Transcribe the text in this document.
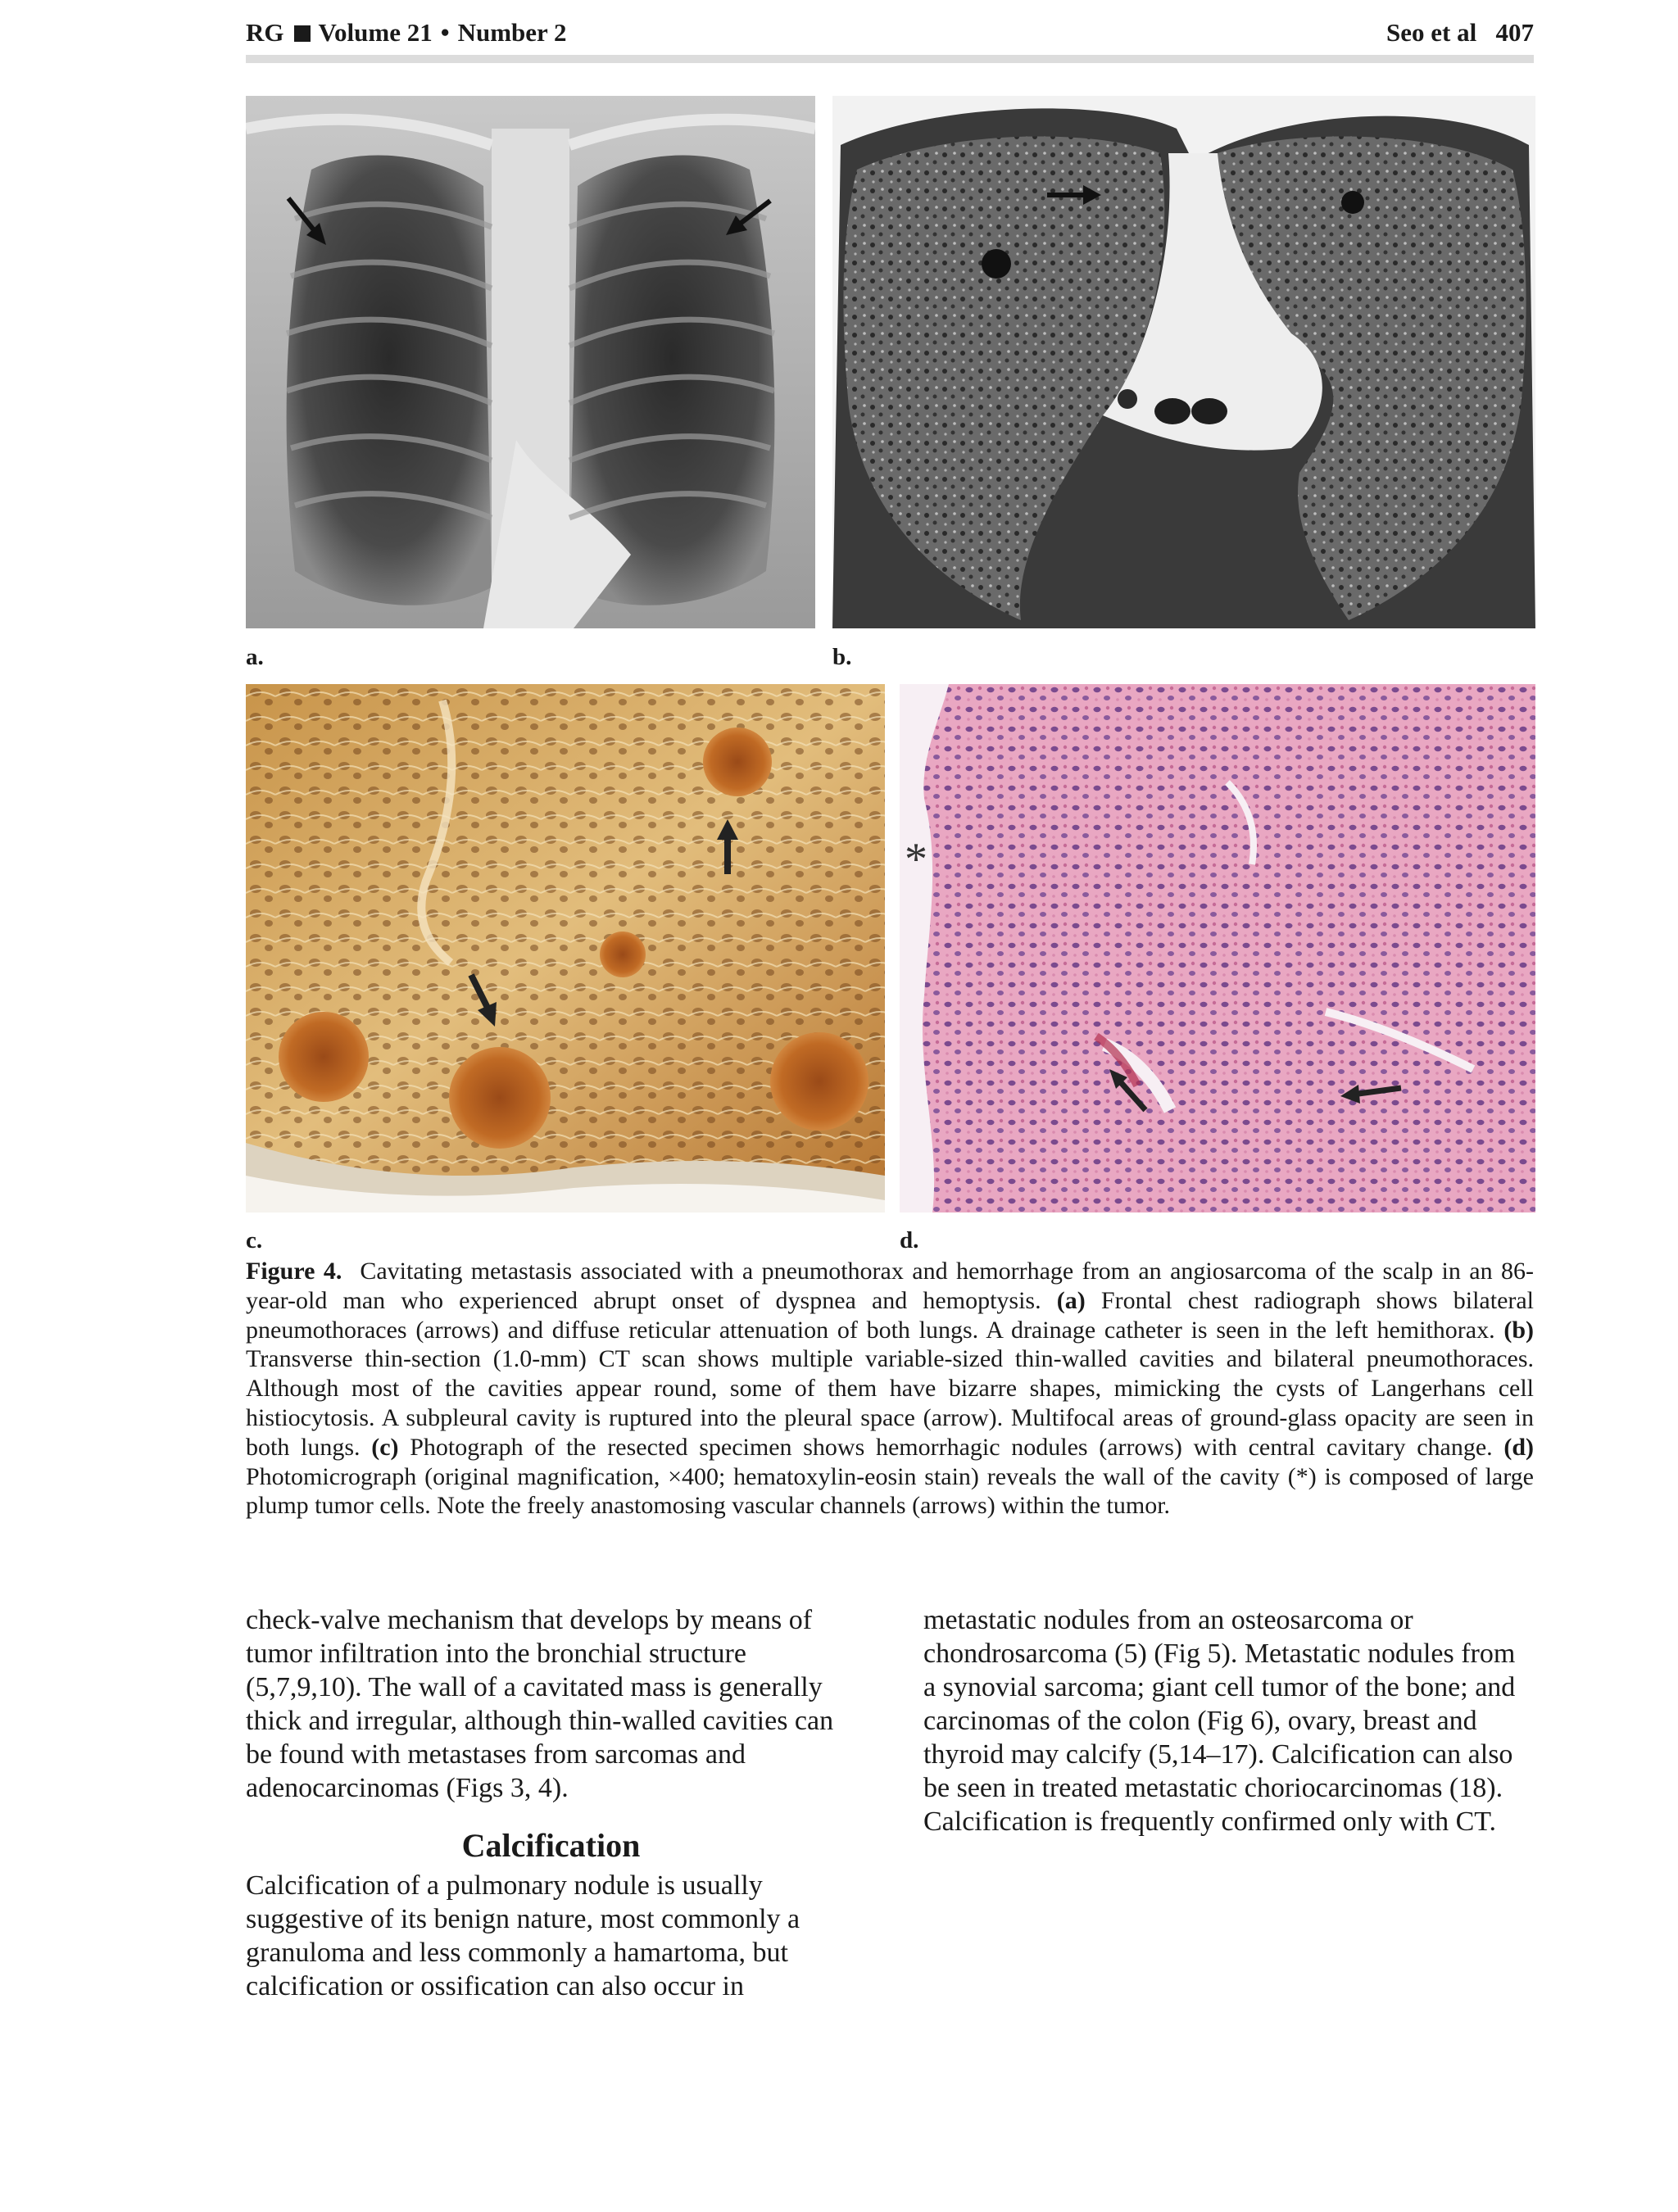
RG Volume 21 • Number 2	Seo et al 407
*
a.	b.
c.	d.
Figure 4. Cavitating metastasis associated with a pneumothorax and hemorrhage from an angiosarcoma of the scalp in an 86-year-old man who experienced abrupt onset of dyspnea and hemoptysis. (a) Frontal chest radiograph shows bilateral pneumothoraces (arrows) and diffuse reticular attenuation of both lungs. A drainage catheter is seen in the left hemithorax. (b) Transverse thin-section (1.0-mm) CT scan shows multiple variable-sized thin-walled cavities and bilateral pneumothoraces. Although most of the cavities appear round, some of them have bizarre shapes, mimicking the cysts of Langerhans cell histiocytosis. A subpleural cavity is ruptured into the pleural space (arrow). Multifocal areas of ground-glass opacity are seen in both lungs. (c) Photograph of the resected specimen shows hemorrhagic nodules (arrows) with central cavitary change. (d) Photomicrograph (original magnification, ×400; hematoxylin-eosin stain) reveals the wall of the cavity (*) is composed of large plump tumor cells. Note the freely anastomosing vascular channels (arrows) within the tumor.

check-valve mechanism that develops by means of tumor infiltration into the bronchial structure (5,7,9,10). The wall of a cavitated mass is generally thick and irregular, although thin-walled cavities can be found with metastases from sarcomas and adenocarcinomas (Figs 3, 4).

Calcification

Calcification of a pulmonary nodule is usually suggestive of its benign nature, most commonly a granuloma and less commonly a hamartoma, but calcification or ossification can also occur in

metastatic nodules from an osteosarcoma or chondrosarcoma (5) (Fig 5). Metastatic nodules from a synovial sarcoma; giant cell tumor of the bone; and carcinomas of the colon (Fig 6), ovary, breast and thyroid may calcify (5,14–17). Calcification can also be seen in treated metastatic choriocarcinomas (18). Calcification is frequently confirmed only with CT.
